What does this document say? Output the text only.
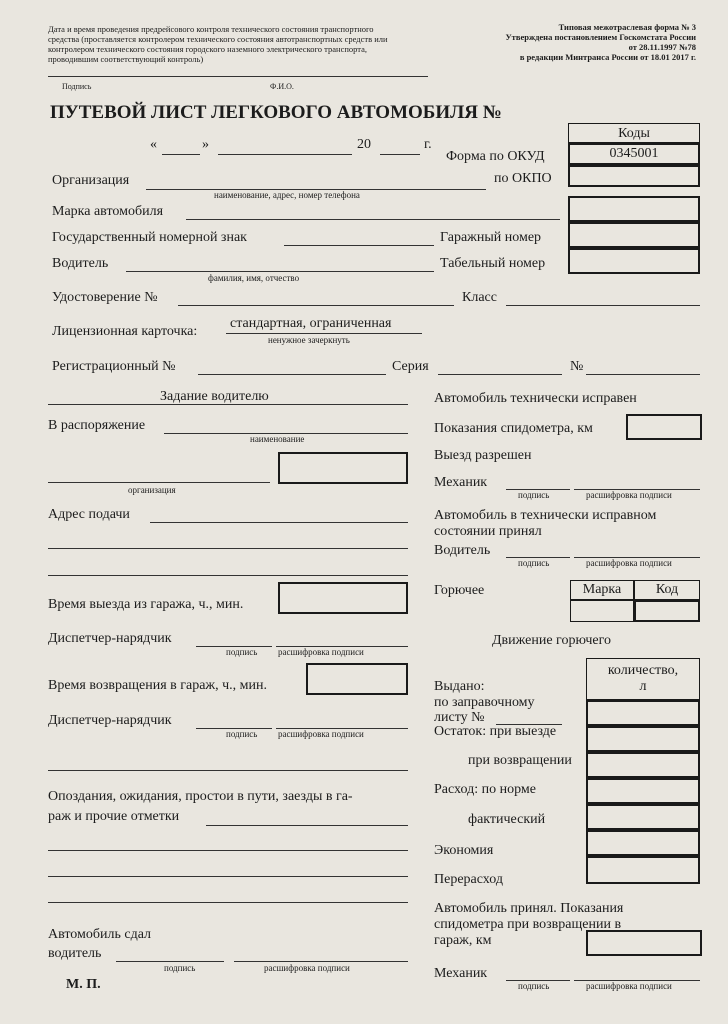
Дата и время проведения предрейсового контроля технического состояния транспортного
средства (проставляется контролером технического состояния автотранспортных средств или
контролером технического состояния городского наземного электрического транспорта,
проводившим соответствующий контроль)
Подпись	Ф.И.О.
Типовая межотраслевая форма № 3
Утверждена постановлением Госкомстата России
от 28.11.1997 №78
в редакции Минтранса России от 18.01 2017 г.
ПУТЕВОЙ ЛИСТ ЛЕГКОВОГО АВТОМОБИЛЯ №
«	»	20	г.
Коды
0345001
Форма по ОКУД
по ОКПО
Организация
наименование, адрес, номер телефона
Марка автомобиля
Государственный номерной знак	Гаражный номер
Водитель
фамилия, имя, отчество
Табельный номер
Удостоверение №	Класс
Лицензионная карточка:
стандартная, ограниченная
ненужное зачеркнуть
Регистрационный №	Серия	№
Задание водителю
В распоряжение
наименование
организация
Адрес подачи
Время выезда из гаража, ч., мин.
Диспетчер-нарядчик
подпись расшифровка подписи
Время возвращения в гараж, ч., мин.
Диспетчер-нарядчик
подпись расшифровка подписи
Опоздания, ожидания, простои в пути, заезды в га-
раж и прочие отметки
Автомобиль сдал
водитель
подпись	расшифровка подписи
М. П.
Автомобиль технически исправен
Показания спидометра, км
Выезд разрешен
Механик
подпись	расшифровка подписи
Автомобиль в технически исправном
состоянии принял
Водитель
подпись	расшифровка подписи
Горючее	Марка	Код
Движение горючего
количество,
л
Выдано:
по заправочному
листу №
Остаток: при выезде
при возвращении
Расход: по норме
фактический
Экономия
Перерасход
Автомобиль принял. Показания
спидометра при возвращении в
гараж, км
Механик
подпись	расшифровка подписи
